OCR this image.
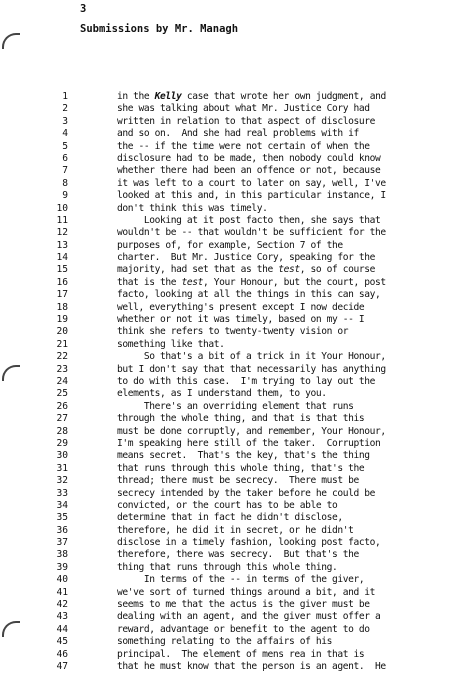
3
Submissions by Mr. Managh
1	in the Kelly case that wrote her own judgment, and
2	she was talking about what Mr. Justice Cory had
3	written in relation to that aspect of disclosure
4	and so on.  And she had real problems with if
5	the -- if the time were not certain of when the
6	disclosure had to be made, then nobody could know
7	whether there had been an offence or not, because
8	it was left to a court to later on say, well, I've
9	looked at this and, in this particular instance, I
10	don't think this was timely.
11	Looking at it post facto then, she says that
12	wouldn't be -- that wouldn't be sufficient for the
13	purposes of, for example, Section 7 of the
14	charter.  But Mr. Justice Cory, speaking for the
15	majority, had set that as the test, so of course
16	that is the test, Your Honour, but the court, post
17	facto, looking at all the things in this can say,
18	well, everything's present except I now decide
19	whether or not it was timely, based on my -- I
20	think she refers to twenty-twenty vision or
21	something like that.
22	So that's a bit of a trick in it Your Honour,
23	but I don't say that that necessarily has anything
24	to do with this case.  I'm trying to lay out the
25	elements, as I understand them, to you.
26	There's an overriding element that runs
27	through the whole thing, and that is that this
28	must be done corruptly, and remember, Your Honour,
29	I'm speaking here still of the taker.  Corruption
30	means secret.  That's the key, that's the thing
31	that runs through this whole thing, that's the
32	thread; there must be secrecy.  There must be
33	secrecy intended by the taker before he could be
34	convicted, or the court has to be able to
35	determine that in fact he didn't disclose,
36	therefore, he did it in secret, or he didn't
37	disclose in a timely fashion, looking post facto,
38	therefore, there was secrecy.  But that's the
39	thing that runs through this whole thing.
40	In terms of the -- in terms of the giver,
41	we've sort of turned things around a bit, and it
42	seems to me that the actus is the giver must be
43	dealing with an agent, and the giver must offer a
44	reward, advantage or benefit to the agent to do
45	something relating to the affairs of his
46	principal.  The element of mens rea in that is
47	that he must know that the person is an agent.  He
